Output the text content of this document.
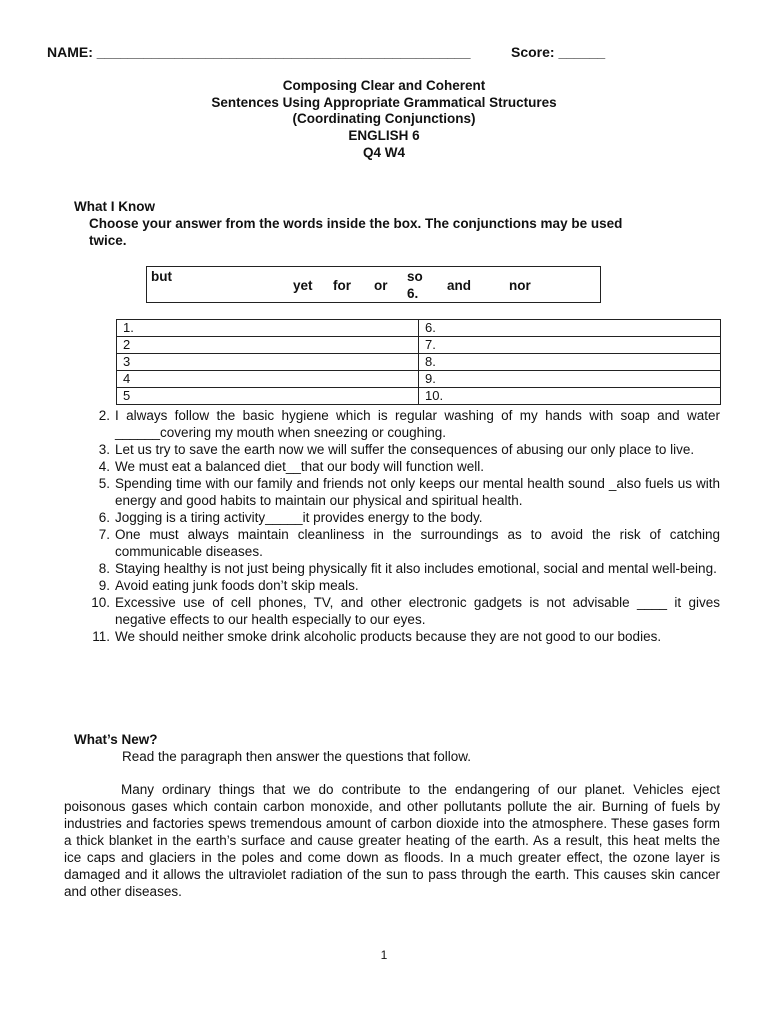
NAME: ________________________________________________	Score: ______
Composing Clear and Coherent
Sentences Using Appropriate Grammatical Structures
(Coordinating Conjunctions)
ENGLISH 6
Q4 W4
What I Know
Choose your answer from the words inside the box. The conjunctions may be used
twice.
but
yet for or
so
6.
and	nor
1.	6.
2	7.
3	8.
4	9.
5	10.
2. I always follow the basic hygiene which is regular washing of my hands with soap and water ______covering my mouth when sneezing or coughing.
3. Let us try to save the earth now we will suffer the consequences of abusing our only place to live.
4. We must eat a balanced diet__that our body will function well.
5. Spending time with our family and friends not only keeps our mental health sound _also fuels us with energy and good habits to maintain our physical and spiritual health.
6. Jogging is a tiring activity_____it provides energy to the body.
7. One must always maintain cleanliness in the surroundings as to avoid the risk of catching communicable diseases.
8. Staying healthy is not just being physically fit it also includes emotional, social and mental well-being.
9. Avoid eating junk foods don’t skip meals.
10. Excessive use of cell phones, TV, and other electronic gadgets is not advisable ____ it gives negative effects to our health especially to our eyes.
11. We should neither smoke drink alcoholic products because they are not good to our bodies.
What’s New?
Read the paragraph then answer the questions that follow.

Many ordinary things that we do contribute to the endangering of our planet. Vehicles eject poisonous gases which contain carbon monoxide, and other pollutants pollute the air. Burning of fuels by industries and factories spews tremendous amount of carbon dioxide into the atmosphere. These gases form a thick blanket in the earth’s surface and cause greater heating of the earth. As a result, this heat melts the ice caps and glaciers in the poles and come down as floods. In a much greater effect, the ozone layer is damaged and it allows the ultraviolet radiation of the sun to pass through the earth. This causes skin cancer and other diseases.

1
